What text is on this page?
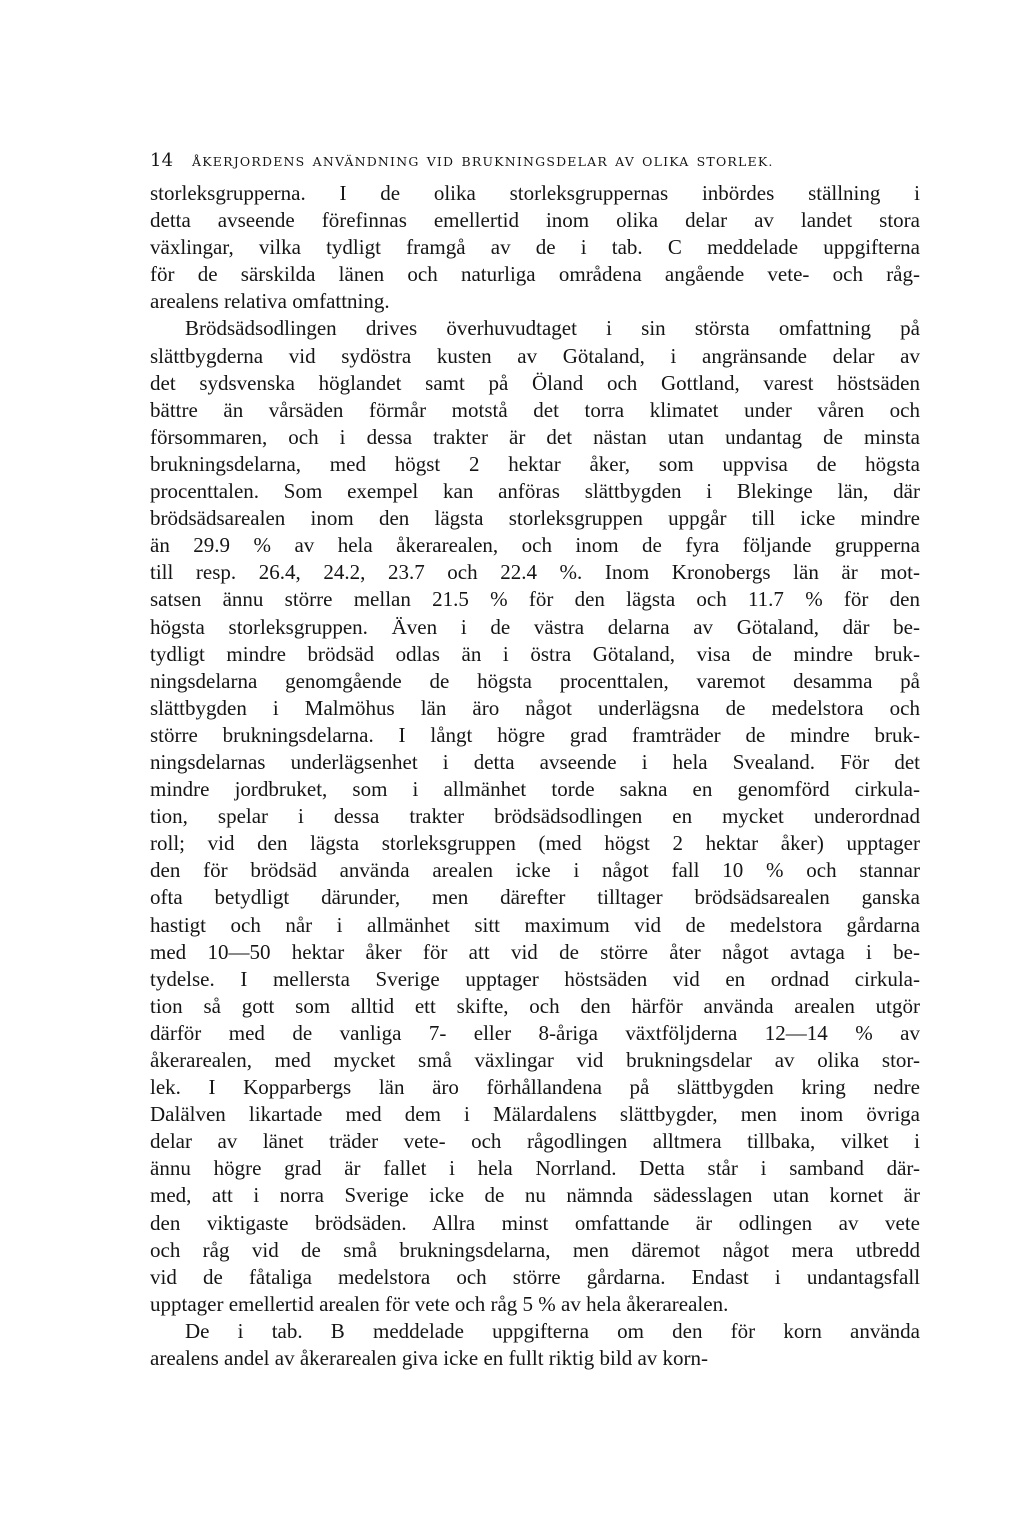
14	ÅKERJORDENS ANVÄNDNING VID BRUKNINGSDELAR AV OLIKA STORLEK.

storleksgrupperna. I de olika storleksgruppernas inbördes ställning i
detta avseende förefinnas emellertid inom olika delar av landet stora
växlingar, vilka tydligt framgå av de i tab. C meddelade uppgifterna
för de särskilda länen och naturliga områdena angående vete- och råg-
arealens relativa omfattning.

Brödsädsodlingen drives överhuvudtaget i sin största omfattning på
slättbygderna vid sydöstra kusten av Götaland, i angränsande delar av
det sydsvenska höglandet samt på Öland och Gottland, varest höstsäden
bättre än vårsäden förmår motstå det torra klimatet under våren och
försommaren, och i dessa trakter är det nästan utan undantag de minsta
brukningsdelarna, med högst 2 hektar åker, som uppvisa de högsta
procenttalen. Som exempel kan anföras slättbygden i Blekinge län, där
brödsädsarealen inom den lägsta storleksgruppen uppgår till icke mindre
än 29.9 % av hela åkerarealen, och inom de fyra följande grupperna
till resp. 26.4, 24.2, 23.7 och 22.4 %. Inom Kronobergs län är mot-
satsen ännu större mellan 21.5 % för den lägsta och 11.7 % för den
högsta storleksgruppen. Även i de västra delarna av Götaland, där be-
tydligt mindre brödsäd odlas än i östra Götaland, visa de mindre bruk-
ningsdelarna genomgående de högsta procenttalen, varemot desamma på
slättbygden i Malmöhus län äro något underlägsna de medelstora och
större brukningsdelarna. I långt högre grad framträder de mindre bruk-
ningsdelarnas underlägsenhet i detta avseende i hela Svealand. För det
mindre jordbruket, som i allmänhet torde sakna en genomförd cirkula-
tion, spelar i dessa trakter brödsädsodlingen en mycket underordnad
roll; vid den lägsta storleksgruppen (med högst 2 hektar åker) upptager
den för brödsäd använda arealen icke i något fall 10 % och stannar
ofta betydligt därunder, men därefter tilltager brödsädsarealen ganska
hastigt och når i allmänhet sitt maximum vid de medelstora gårdarna
med 10—50 hektar åker för att vid de större åter något avtaga i be-
tydelse. I mellersta Sverige upptager höstsäden vid en ordnad cirkula-
tion så gott som alltid ett skifte, och den härför använda arealen utgör
därför med de vanliga 7- eller 8-åriga växtföljderna 12—14 % av
åkerarealen, med mycket små växlingar vid brukningsdelar av olika stor-
lek. I Kopparbergs län äro förhållandena på slättbygden kring nedre
Dalälven likartade med dem i Mälardalens slättbygder, men inom övriga
delar av länet träder vete- och rågodlingen alltmera tillbaka, vilket i
ännu högre grad är fallet i hela Norrland. Detta står i samband där-
med, att i norra Sverige icke de nu nämnda sädesslagen utan kornet är
den viktigaste brödsäden. Allra minst omfattande är odlingen av vete
och råg vid de små brukningsdelarna, men däremot något mera utbredd
vid de fåtaliga medelstora och större gårdarna. Endast i undantagsfall
upptager emellertid arealen för vete och råg 5 % av hela åkerarealen.

De i tab. B meddelade uppgifterna om den för korn använda
arealens andel av åkerarealen giva icke en fullt riktig bild av korn-
